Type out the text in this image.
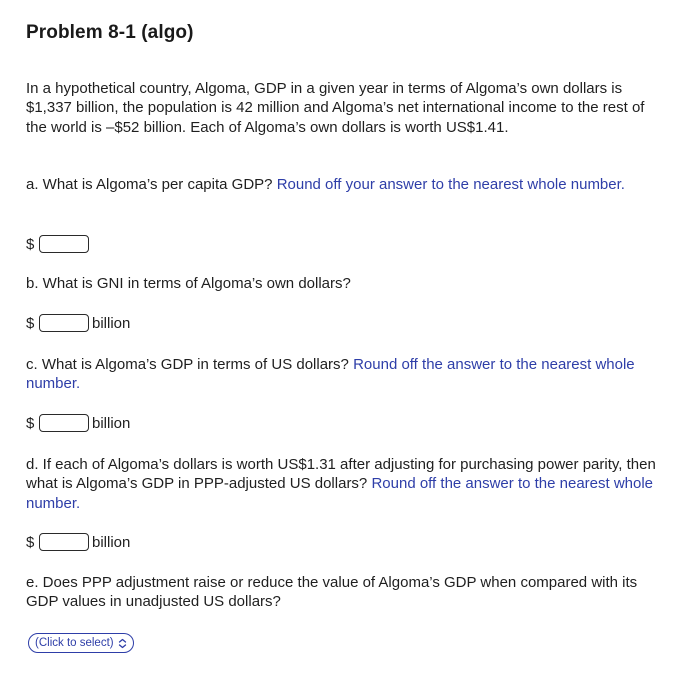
Problem 8-1 (algo)
In a hypothetical country, Algoma, GDP in a given year in terms of Algoma’s own dollars is $1,337 billion, the population is 42 million and Algoma’s net international income to the rest of the world is –$52 billion. Each of Algoma’s own dollars is worth US$1.41.
a. What is Algoma’s per capita GDP? Round off your answer to the nearest whole number.
$
b. What is GNI in terms of Algoma’s own dollars?
$	billion
c. What is Algoma’s GDP in terms of US dollars? Round off the answer to the nearest whole number.
$	billion
d. If each of Algoma’s dollars is worth US$1.31 after adjusting for purchasing power parity, then what is Algoma’s GDP in PPP-adjusted US dollars? Round off the answer to the nearest whole number.
$	billion
e. Does PPP adjustment raise or reduce the value of Algoma’s GDP when compared with its GDP values in unadjusted US dollars?
(Click to select)
